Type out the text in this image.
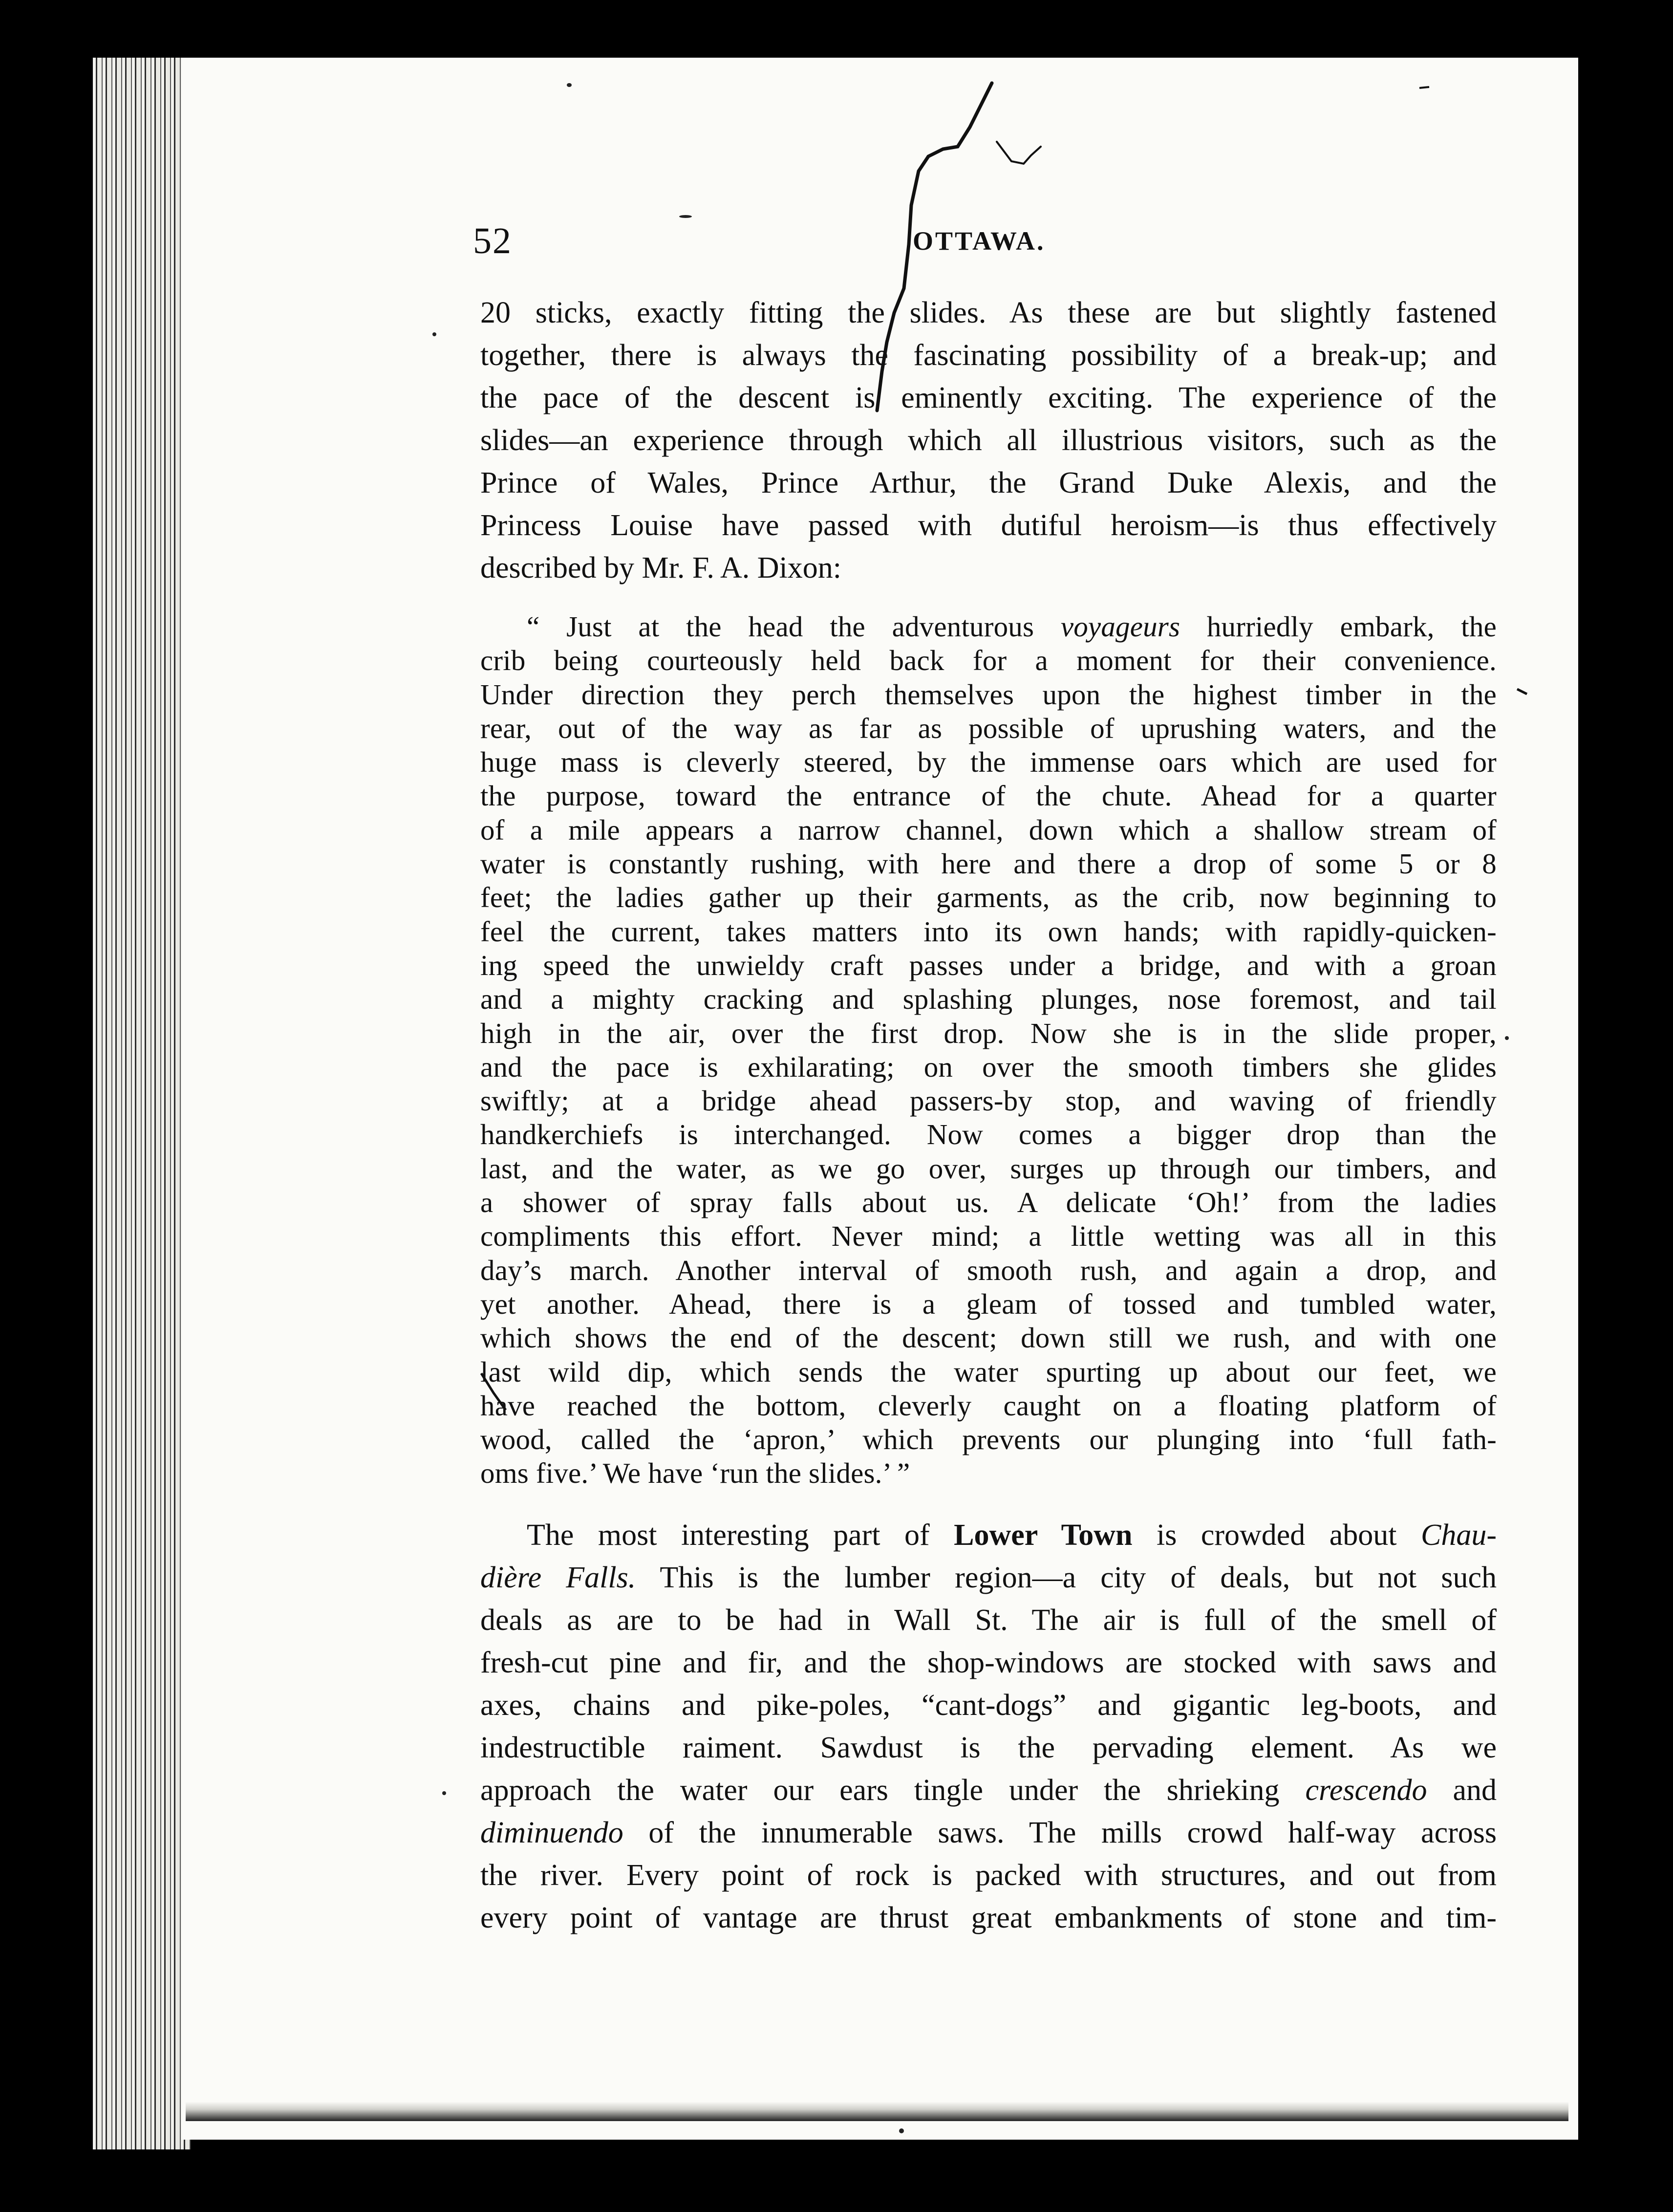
52	OTTAWA.
20 sticks, exactly fitting the slides. As these are but slightly fastened
together, there is always the fascinating possibility of a break-up; and
the pace of the descent is eminently exciting. The experience of the
slides—an experience through which all illustrious visitors, such as the
Prince of Wales, Prince Arthur, the Grand Duke Alexis, and the
Princess Louise have passed with dutiful heroism—is thus effectively
described by Mr. F. A. Dixon:
“ Just at the head the adventurous voyageurs hurriedly embark, the
crib being courteously held back for a moment for their convenience.
Under direction they perch themselves upon the highest timber in the
rear, out of the way as far as possible of uprushing waters, and the
huge mass is cleverly steered, by the immense oars which are used for
the purpose, toward the entrance of the chute. Ahead for a quarter
of a mile appears a narrow channel, down which a shallow stream of
water is constantly rushing, with here and there a drop of some 5 or 8
feet; the ladies gather up their garments, as the crib, now beginning to
feel the current, takes matters into its own hands; with rapidly-quicken-
ing speed the unwieldy craft passes under a bridge, and with a groan
and a mighty cracking and splashing plunges, nose foremost, and tail
high in the air, over the first drop. Now she is in the slide proper,
and the pace is exhilarating; on over the smooth timbers she glides
swiftly; at a bridge ahead passers-by stop, and waving of friendly
handkerchiefs is interchanged. Now comes a bigger drop than the
last, and the water, as we go over, surges up through our timbers, and
a shower of spray falls about us. A delicate ‘Oh!’ from the ladies
compliments this effort. Never mind; a little wetting was all in this
day’s march. Another interval of smooth rush, and again a drop, and
yet another. Ahead, there is a gleam of tossed and tumbled water,
which shows the end of the descent; down still we rush, and with one
last wild dip, which sends the water spurting up about our feet, we
have reached the bottom, cleverly caught on a floating platform of
wood, called the ‘apron,’ which prevents our plunging into ‘full fath-
oms five.’ We have ‘run the slides.’ ”
The most interesting part of Lower Town is crowded about Chau-
dière Falls. This is the lumber region—a city of deals, but not such
deals as are to be had in Wall St. The air is full of the smell of
fresh-cut pine and fir, and the shop-windows are stocked with saws and
axes, chains and pike-poles, “cant-dogs” and gigantic leg-boots, and
indestructible raiment. Sawdust is the pervading element. As we
approach the water our ears tingle under the shrieking crescendo and
diminuendo of the innumerable saws. The mills crowd half-way across
the river. Every point of rock is packed with structures, and out from
every point of vantage are thrust great embankments of stone and tim-
